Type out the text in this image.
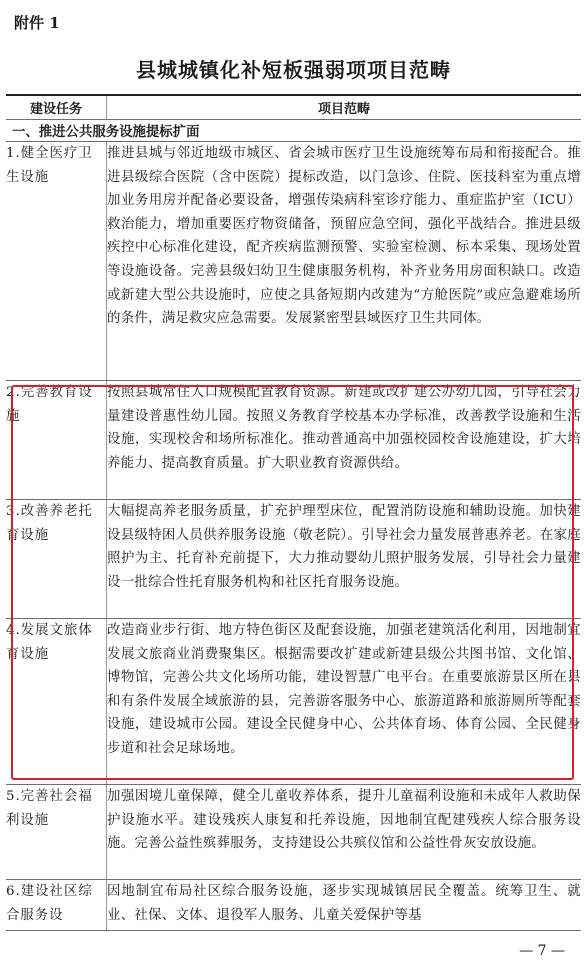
附件 1
县城城镇化补短板强弱项项目范畴
建设任务	项目范畴
一、推进公共服务设施提标扩面	
1.健全医疗卫生设施	推进县城与邻近地级市城区、省会城市医疗卫生设施统筹布局和衔接配合。推进县级综合医院（含中医院）提标改造，以门急诊、住院、医技科室为重点增加业务用房并配备必要设备，增强传染病科室诊疗能力、重症监护室（ICU）救治能力，增加重要医疗物资储备，预留应急空间，强化平战结合。推进县级疾控中心标准化建设，配齐疾病监测预警、实验室检测、标本采集、现场处置等设施设备。完善县级妇幼卫生健康服务机构，补齐业务用房面积缺口。改造或新建大型公共设施时，应使之具备短期内改建为“方舱医院”或应急避难场所的条件，满足救灾应急需要。发展紧密型县域医疗卫生共同体。
2.完善教育设施	按照县城常住人口规模配置教育资源。新建或改扩建公办幼儿园，引导社会力量建设普惠性幼儿园。按照义务教育学校基本办学标准，改善教学设施和生活设施，实现校舍和场所标准化。推动普通高中加强校园校舍设施建设，扩大培养能力、提高教育质量。扩大职业教育资源供给。
3.改善养老托育设施	大幅提高养老服务质量，扩充护理型床位，配置消防设施和辅助设施。加快建设县级特困人员供养服务设施（敬老院）。引导社会力量发展普惠养老。在家庭照护为主、托育补充前提下，大力推动婴幼儿照护服务发展，引导社会力量建设一批综合性托育服务机构和社区托育服务设施。
4.发展文旅体育设施	改造商业步行街、地方特色街区及配套设施，加强老建筑活化利用，因地制宜发展文旅商业消费聚集区。根据需要改扩建或新建县级公共图书馆、文化馆、博物馆，完善公共文化场所功能，建设智慧广电平台。在重要旅游景区所在县和有条件发展全域旅游的县，完善游客服务中心、旅游道路和旅游厕所等配套设施，建设城市公园。建设全民健身中心、公共体育场、体育公园、全民健身步道和社会足球场地。
5.完善社会福利设施	加强困境儿童保障，健全儿童收养体系，提升儿童福利设施和未成年人救助保护设施水平。建设残疾人康复和托养设施，因地制宜配建残疾人综合服务设施。完善公益性殡葬服务，支持建设公共殡仪馆和公益性骨灰安放设施。
6.建设社区综合服务设	因地制宜布局社区综合服务设施，逐步实现城镇居民全覆盖。统筹卫生、就业、社保、文体、退役军人服务、儿童关爱保护等基
— 7 —
